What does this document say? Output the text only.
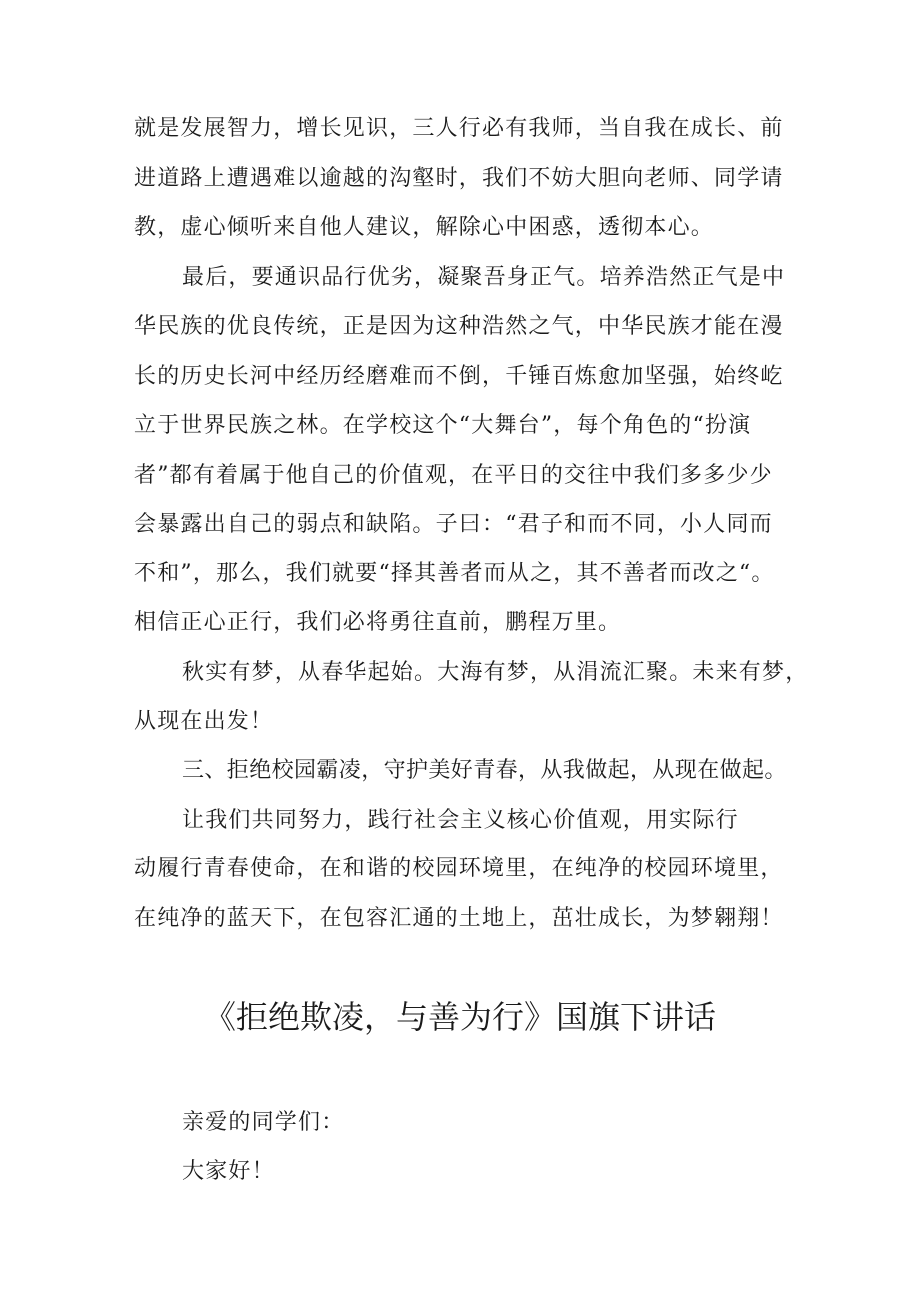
就是发展智力，增长见识，三人行必有我师，当自我在成长、前
进道路上遭遇难以逾越的沟壑时，我们不妨大胆向老师、同学请
教，虚心倾听来自他人建议，解除心中困惑，透彻本心。
最后，要通识品行优劣，凝聚吾身正气。培养浩然正气是中
华民族的优良传统，正是因为这种浩然之气，中华民族才能在漫
长的历史长河中经历经磨难而不倒，千锤百炼愈加坚强，始终屹
立于世界民族之林。在学校这个“大舞台”，每个角色的“扮演
者”都有着属于他自己的价值观，在平日的交往中我们多多少少
会暴露出自己的弱点和缺陷。子曰：“君子和而不同，小人同而
不和”，那么，我们就要“择其善者而从之，其不善者而改之“。
相信正心正行，我们必将勇往直前，鹏程万里。
秋实有梦，从春华起始。大海有梦，从涓流汇聚。未来有梦，
从现在出发！
三、拒绝校园霸凌，守护美好青春，从我做起，从现在做起。
让我们共同努力，践行社会主义核心价值观，用实际行
动履行青春使命，在和谐的校园环境里，在纯净的校园环境里，
在纯净的蓝天下，在包容汇通的土地上，茁壮成长，为梦翱翔！
《拒绝欺凌，与善为行》国旗下讲话
亲爱的同学们：
大家好！
